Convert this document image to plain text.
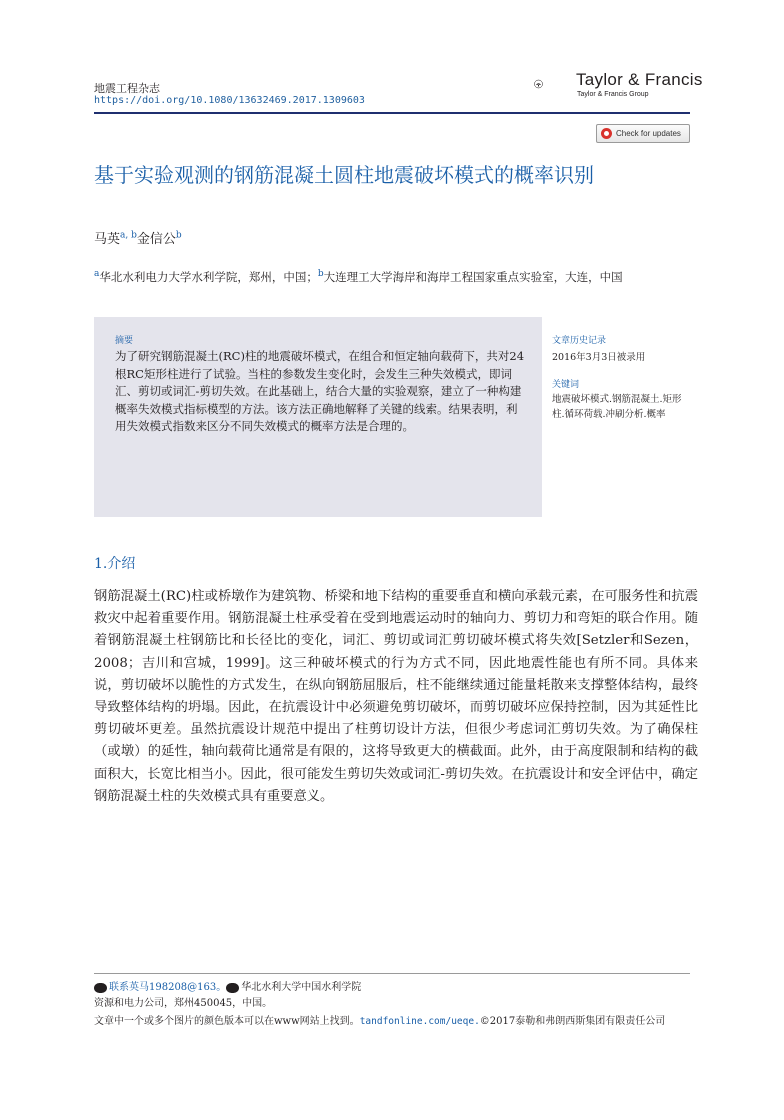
地震工程杂志
https://doi.org/10.1080/13632469.2017.1309603
Taylor & Francis
Taylor & Francis Group
Check for updates
基于实验观测的钢筋混凝土圆柱地震破坏模式的概率识别
马英$^{a, b}$金信公$^b$
$^a$华北水利电力大学水利学院，郑州，中国；$^b$大连理工大学海岸和海岸工程国家重点实验室，大连，中国
摘要
为了研究钢筋混凝土(RC)柱的地震破坏模式，在组合和恒定轴向载荷下，共对24根RC矩形柱进行了试验。当柱的参数发生变化时，会发生三种失效模式，即词汇、剪切或词汇-剪切失效。在此基础上，结合大量的实验观察，建立了一种构建概率失效模式指标模型的方法。该方法正确地解释了关键的线索。结果表明，利用失效模式指数来区分不同失效模式的概率方法是合理的。
文章历史记录
2016年3月3日被录用
关键词
地震破坏模式.钢筋混凝土.矩形柱.循环荷载.冲刷分析.概率
1.介绍
钢筋混凝土(RC)柱或桥墩作为建筑物、桥梁和地下结构的重要垂直和横向承载元素，在可服务性和抗震救灾中起着重要作用。钢筋混凝土柱承受着在受到地震运动时的轴向力、剪切力和弯矩的联合作用。随着钢筋混凝土柱钢筋比和长径比的变化，词汇、剪切或词汇剪切破坏模式将失效[Setzler和Sezen，2008；吉川和宫城，1999]。这三种破坏模式的行为方式不同，因此地震性能也有所不同。具体来说，剪切破坏以脆性的方式发生，在纵向钢筋屈服后，柱不能继续通过能量耗散来支撑整体结构，最终导致整体结构的坍塌。因此，在抗震设计中必须避免剪切破坏，而剪切破坏应保持控制，因为其延性比剪切破坏更差。虽然抗震设计规范中提出了柱剪切设计方法，但很少考虑词汇剪切失效。为了确保柱（或墩）的延性，轴向载荷比通常是有限的，这将导致更大的横截面。此外，由于高度限制和结构的截面积大，长宽比相当小。因此，很可能发生剪切失效或词汇-剪切失效。在抗震设计和安全评估中，确定钢筋混凝土柱的失效模式具有重要意义。
联系英马198208@163。 华北水利大学中国水利学院
资源和电力公司，郑州450045，中国。
文章中一个或多个图片的颜色版本可以在www网站上找到。tandfonline.com/ueqe.©2017泰勒和弗朗西斯集团有限责任公司
